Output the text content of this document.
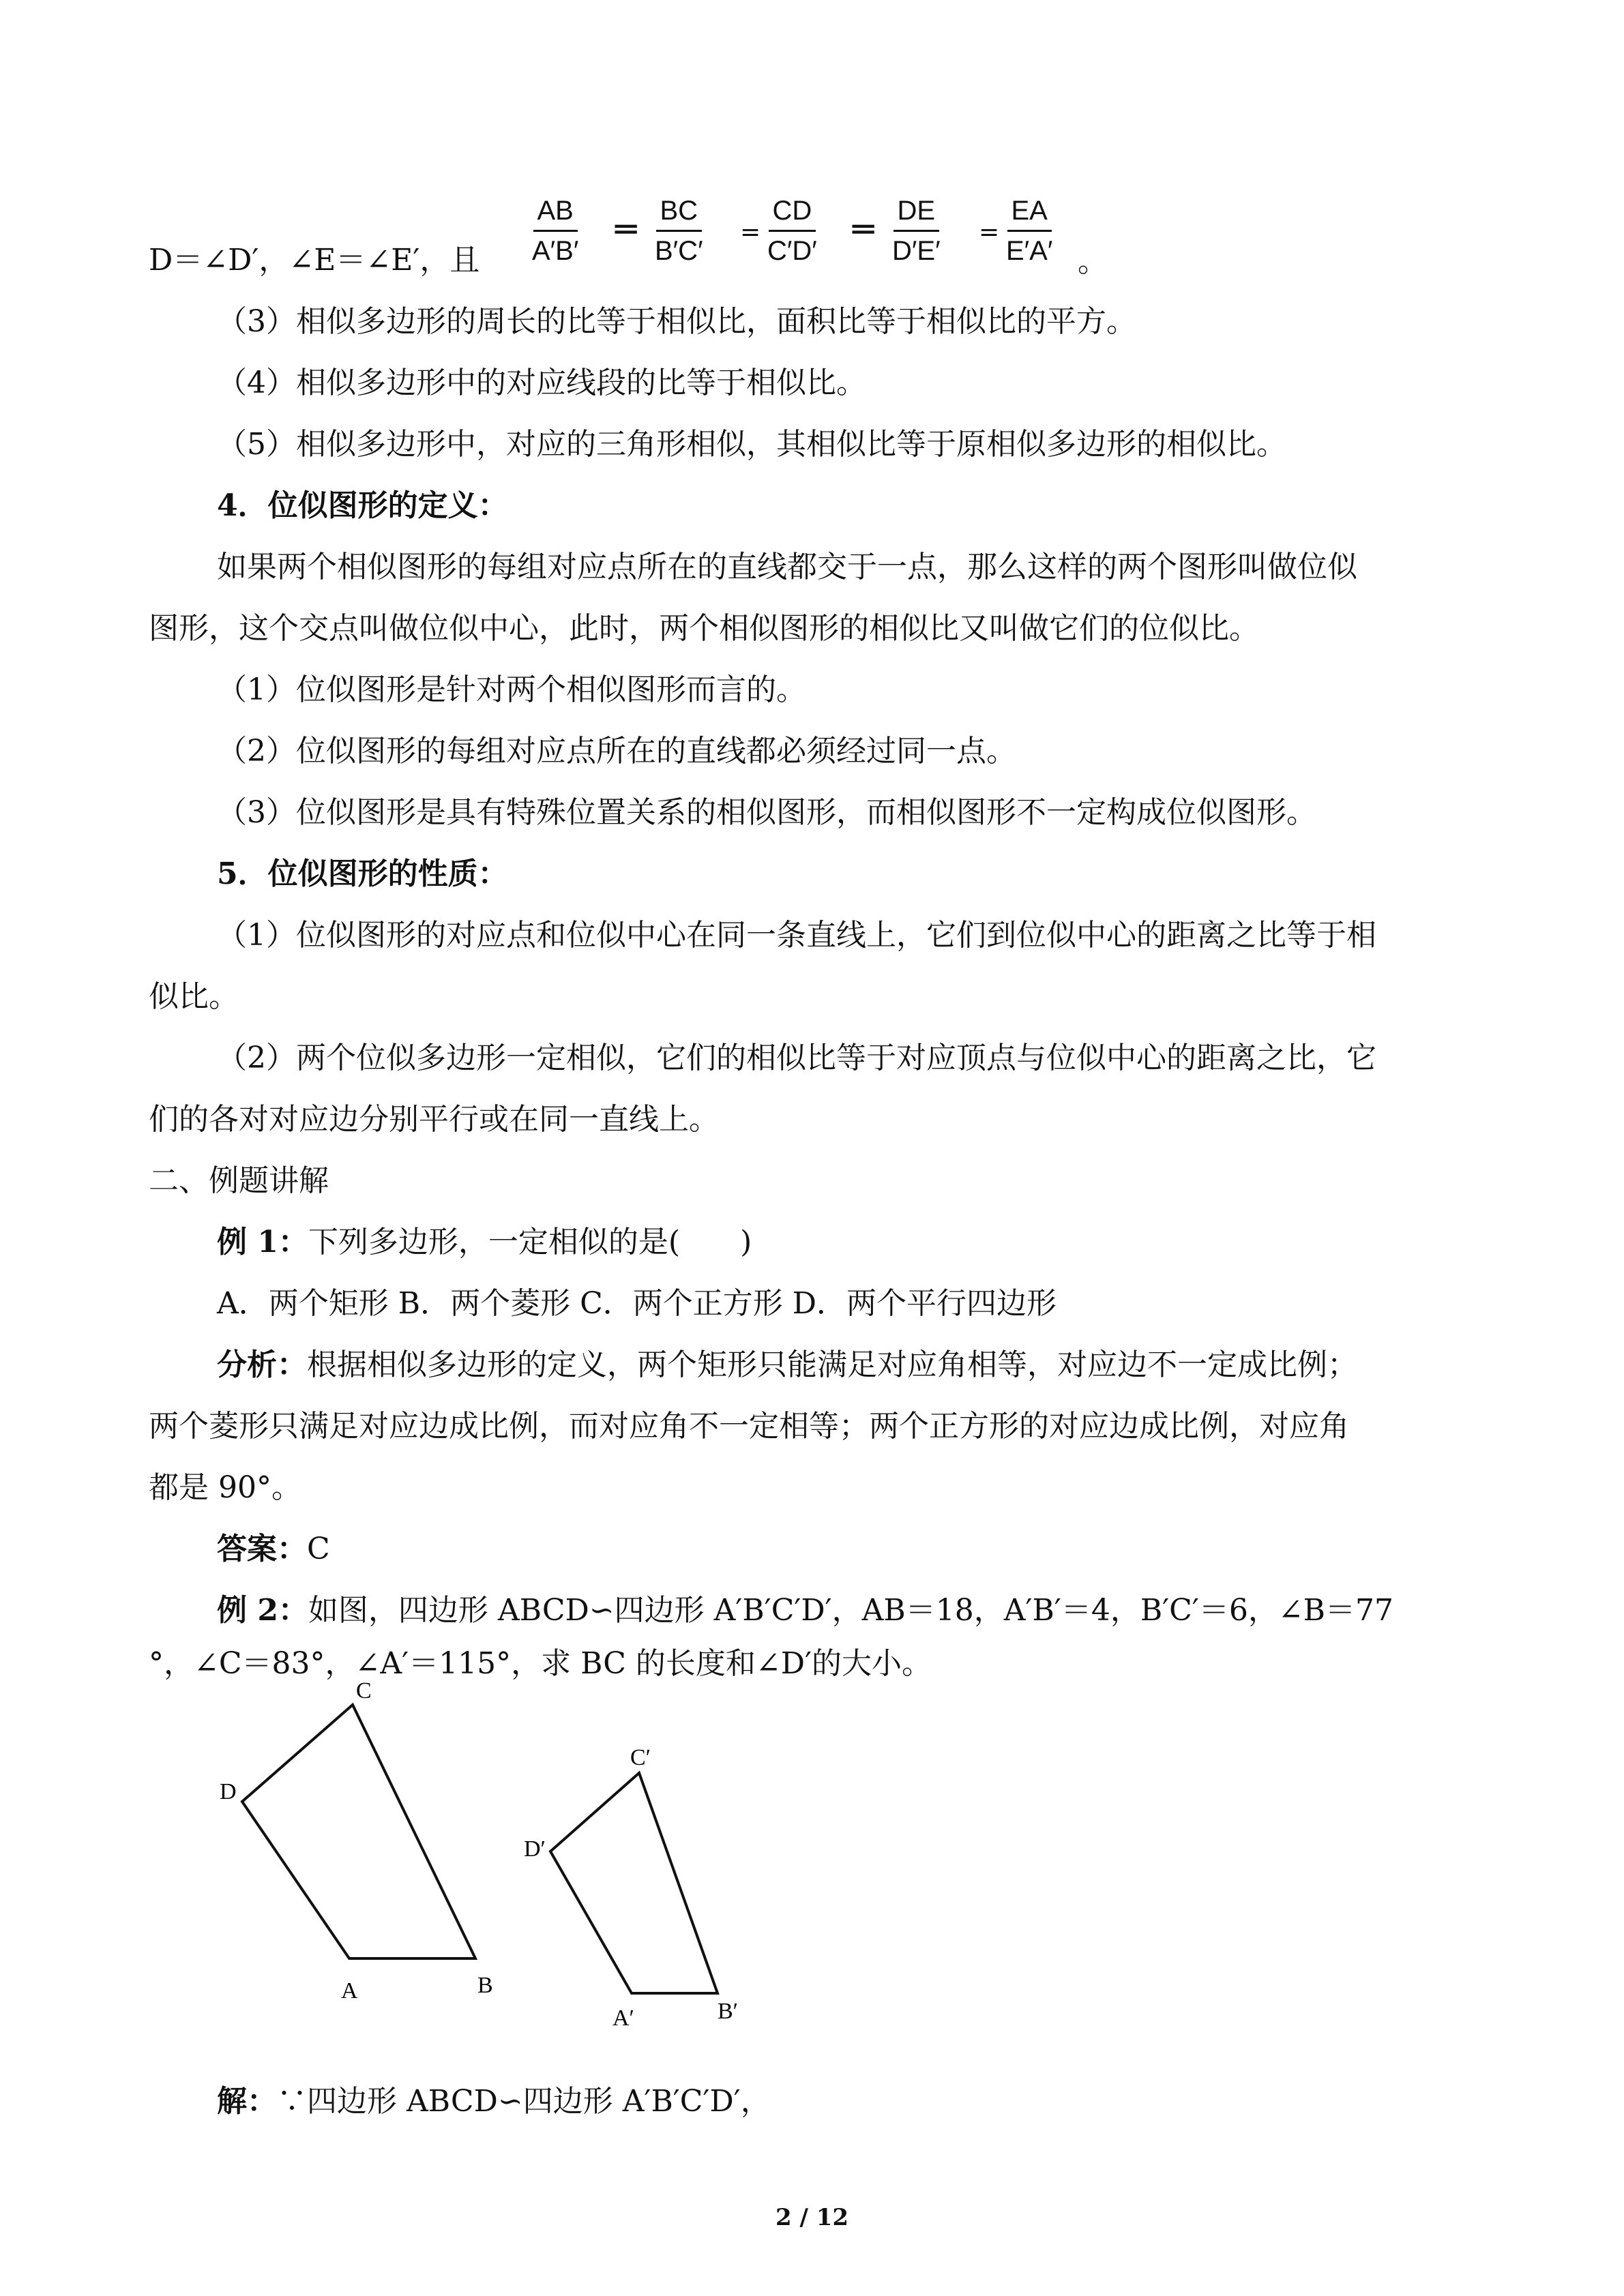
D＝∠D′，∠E＝∠E′，且 $\frac{AB}{A'B'}$ ═ $\frac{BC}{B'C'} = \frac{CD}{C'D'}$ ═ $\frac{DE}{D'E'} = \frac{EA}{E'A'}$ 。
（3）相似多边形的周长的比等于相似比，面积比等于相似比的平方。
（4）相似多边形中的对应线段的比等于相似比。
（5）相似多边形中，对应的三角形相似，其相似比等于原相似多边形的相似比。
4．位似图形的定义：
如果两个相似图形的每组对应点所在的直线都交于一点，那么这样的两个图形叫做位似
图形，这个交点叫做位似中心，此时，两个相似图形的相似比又叫做它们的位似比。
（1）位似图形是针对两个相似图形而言的。
（2）位似图形的每组对应点所在的直线都必须经过同一点。
（3）位似图形是具有特殊位置关系的相似图形，而相似图形不一定构成位似图形。
5．位似图形的性质：
（1）位似图形的对应点和位似中心在同一条直线上，它们到位似中心的距离之比等于相
似比。
（2）两个位似多边形一定相似，它们的相似比等于对应顶点与位似中心的距离之比，它
们的各对对应边分别平行或在同一直线上。
二、例题讲解
例 1：下列多边形，一定相似的是(　　)
A．两个矩形 B．两个菱形 C．两个正方形 D．两个平行四边形
分析：根据相似多边形的定义，两个矩形只能满足对应角相等，对应边不一定成比例；
两个菱形只满足对应边成比例，而对应角不一定相等；两个正方形的对应边成比例，对应角
都是 90°。
答案：C
例 2：如图，四边形 ABCD∽四边形 A′B′C′D′，AB＝18，A′B′＝4，B′C′＝6，∠B＝77
°，∠C＝83°，∠A′＝115°，求 BC 的长度和∠D′的大小。
C
D
A	B
C′
D′
A′	B′
解：∵四边形 ABCD∽四边形 A′B′C′D′，
2 / 12
